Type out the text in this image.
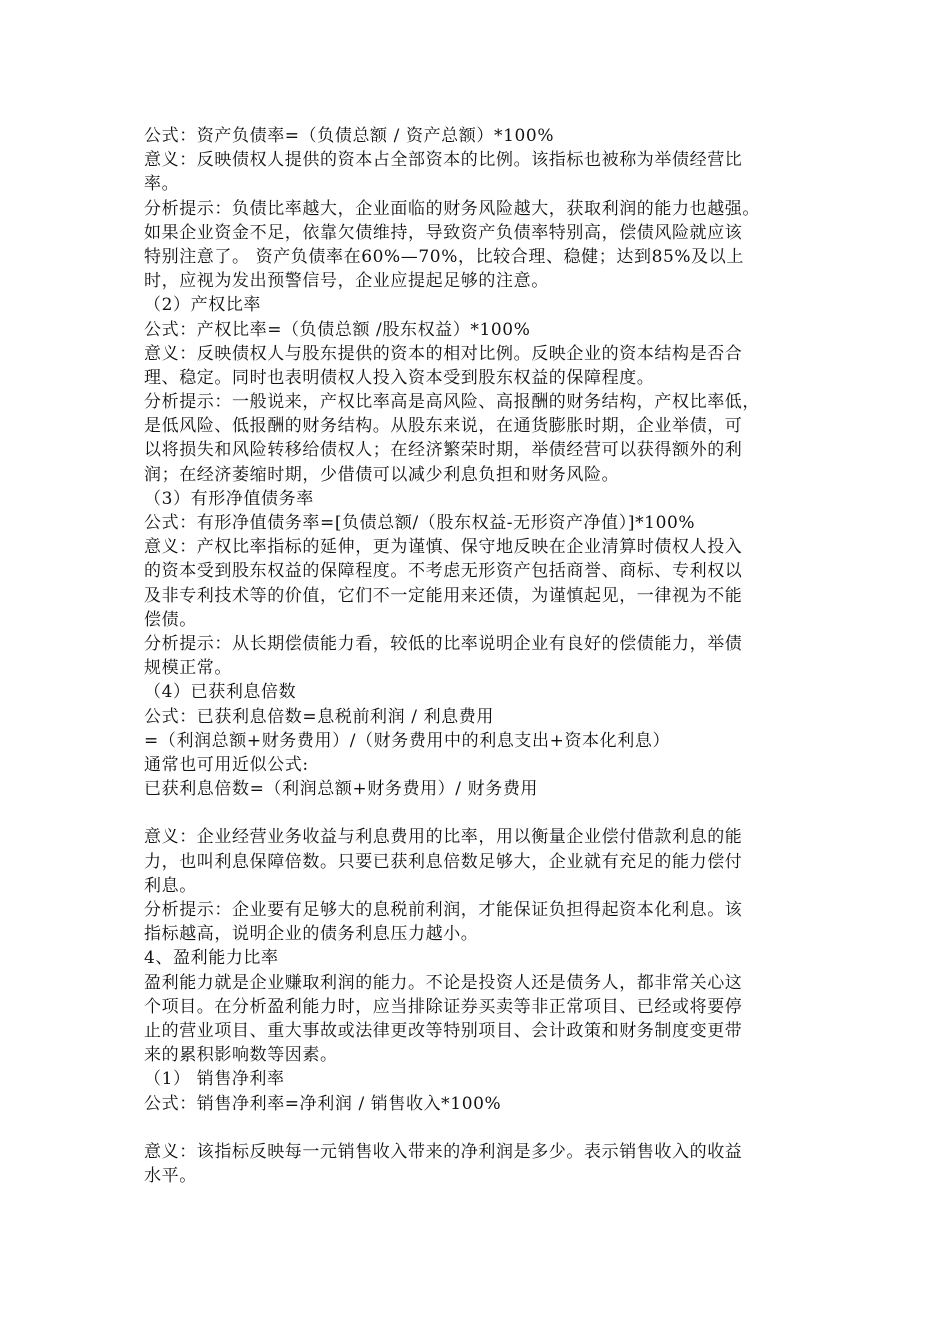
公式：资产负债率=（负债总额 / 资产总额）*100%
意义：反映债权人提供的资本占全部资本的比例。该指标也被称为举债经营比
率。
分析提示：负债比率越大，企业面临的财务风险越大，获取利润的能力也越强。
如果企业资金不足，依靠欠债维持，导致资产负债率特别高，偿债风险就应该
特别注意了。 资产负债率在60%—70%，比较合理、稳健；达到85%及以上
时，应视为发出预警信号，企业应提起足够的注意。
（2）产权比率
公式：产权比率=（负债总额 /股东权益）*100%
意义：反映债权人与股东提供的资本的相对比例。反映企业的资本结构是否合
理、稳定。同时也表明债权人投入资本受到股东权益的保障程度。
分析提示：一般说来，产权比率高是高风险、高报酬的财务结构，产权比率低，
是低风险、低报酬的财务结构。从股东来说，在通货膨胀时期，企业举债，可
以将损失和风险转移给债权人；在经济繁荣时期，举债经营可以获得额外的利
润；在经济萎缩时期，少借债可以减少利息负担和财务风险。
（3）有形净值债务率
公式：有形净值债务率=[负债总额/（股东权益-无形资产净值）]*100%
意义：产权比率指标的延伸，更为谨慎、保守地反映在企业清算时债权人投入
的资本受到股东权益的保障程度。不考虑无形资产包括商誉、商标、专利权以
及非专利技术等的价值，它们不一定能用来还债，为谨慎起见，一律视为不能
偿债。
分析提示：从长期偿债能力看，较低的比率说明企业有良好的偿债能力，举债
规模正常。
（4）已获利息倍数
公式：已获利息倍数=息税前利润 / 利息费用
=（利润总额+财务费用）/（财务费用中的利息支出+资本化利息）
通常也可用近似公式:
已获利息倍数=（利润总额+财务费用）/ 财务费用
意义：企业经营业务收益与利息费用的比率，用以衡量企业偿付借款利息的能
力，也叫利息保障倍数。只要已获利息倍数足够大，企业就有充足的能力偿付
利息。
分析提示：企业要有足够大的息税前利润，才能保证负担得起资本化利息。该
指标越高，说明企业的债务利息压力越小。
4、盈利能力比率
盈利能力就是企业赚取利润的能力。不论是投资人还是债务人，都非常关心这
个项目。在分析盈利能力时，应当排除证券买卖等非正常项目、已经或将要停
止的营业项目、重大事故或法律更改等特别项目、会计政策和财务制度变更带
来的累积影响数等因素。
（1） 销售净利率
公式：销售净利率=净利润 / 销售收入*100%
意义：该指标反映每一元销售收入带来的净利润是多少。表示销售收入的收益
水平。
